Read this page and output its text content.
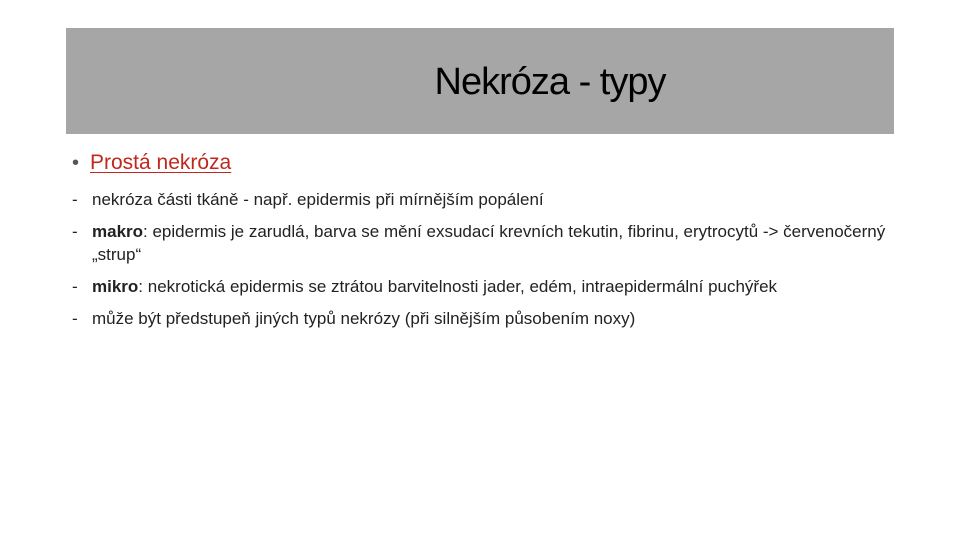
Nekróza - typy
• Prostá nekróza
- nekróza části tkáně - např. epidermis při mírnějším popálení
- makro: epidermis je zarudlá, barva se mění exsudací krevních tekutin, fibrinu, erytrocytů -> červenočerný „strup“
- mikro: nekrotická epidermis se ztrátou barvitelnosti jader, edém, intraepidermální puchýřek
- může být předstupeň jiných typů nekrózy (při silnějším působením noxy)
